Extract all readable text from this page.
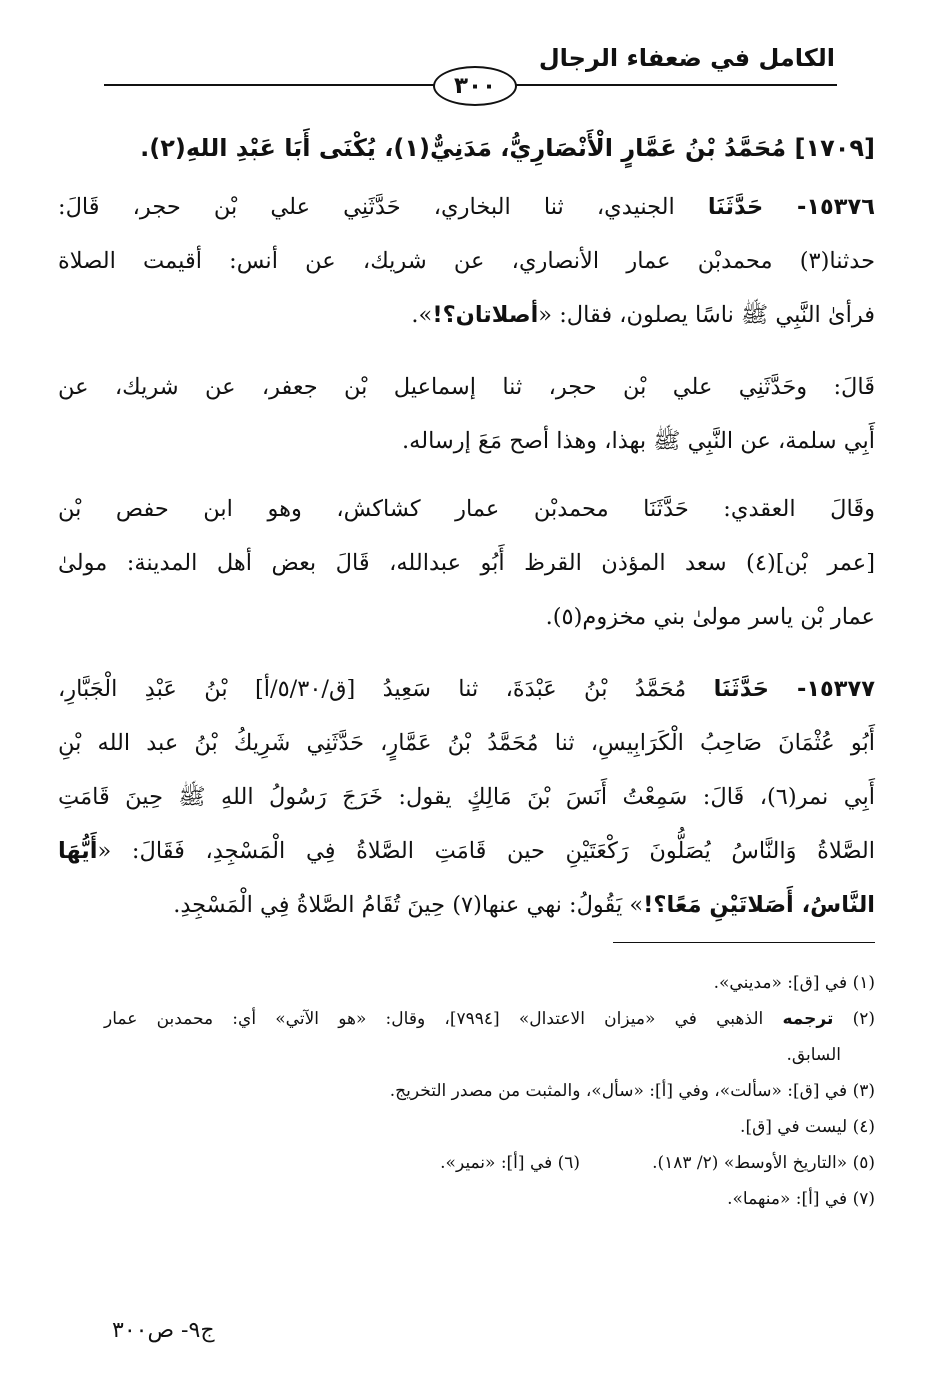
الكامل في ضعفاء الرجال
٣٠٠
[١٧٠٩] مُحَمَّدُ بْنُ عَمَّارٍ الْأَنْصَارِيُّ، مَدَنِيٌّ(١)، يُكْنَى أَبَا عَبْدِ اللهِ(٢).
١٥٣٧٦- حَدَّثَنَا الجنيدي، ثنا البخاري، حَدَّثَنِي علي بْن حجر، قَالَ:
حدثنا(٣) محمدبْن عمار الأنصاري، عن شريك، عن أنس: أقيمت الصلاة
فرأىٰ النَّبِي ﷺ ناسًا يصلون، فقال: «أصلاتان؟!».
قَالَ: وحَدَّثَنِي علي بْن حجر، ثنا إسماعيل بْن جعفر، عن شريك، عن
أَبِي سلمة، عن النَّبِي ﷺ بهذا، وهذا أصح مَعَ إرساله.
وقَالَ العقدي: حَدَّثَنَا محمدبْن عمار كشاكش، وهو ابن حفص بْن
[عمر بْن](٤) سعد المؤذن القرظ أَبُو عبدالله، قَالَ بعض أهل المدينة: مولىٰ
عمار بْن ياسر مولىٰ بني مخزوم(٥).
١٥٣٧٧- حَدَّثَنَا مُحَمَّدُ بْنُ عَبْدَةَ، ثنا سَعِيدُ [ق/٥/٣٠/أ] بْنُ عَبْدِ الْجَبَّارِ،
أَبُو عُثْمَانَ صَاحِبُ الْكَرَابِيسِ، ثنا مُحَمَّدُ بْنُ عَمَّارٍ، حَدَّثَنِي شَرِيكُ بْنُ عبد الله بْنِ
أَبِي نمر(٦)، قَالَ: سَمِعْتُ أَنَسَ بْنَ مَالِكٍ يقول: خَرَجَ رَسُولُ اللهِ ﷺ حِينَ قَامَتِ
الصَّلاةُ وَالنَّاسُ يُصَلُّونَ رَكْعَتَيْنِ حين قَامَتِ الصَّلاةُ فِي الْمَسْجِدِ، فَقَالَ: «أَيُّهَا
النَّاسُ، أَصَلاتَيْنِ مَعًا؟!» يَقُولُ: نهي عنها(٧) حِينَ تُقَامُ الصَّلاةُ فِي الْمَسْجِدِ.
(١) في [ق]: «مديني».
(٢) ترجمه الذهبي في «ميزان الاعتدال» [٧٩٩٤]، وقال: «هو الآتي» أي: محمدبن عمار
السابق.
(٣) في [ق]: «سألت»، وفي [أ]: «سأل»، والمثبت من مصدر التخريج.
(٤) ليست في [ق].
(٥) «التاريخ الأوسط» (٢/ ١٨٣).
(٦) في [أ]: «نمير».
(٧) في [أ]: «منهما».
ج٩- ص٣٠٠
